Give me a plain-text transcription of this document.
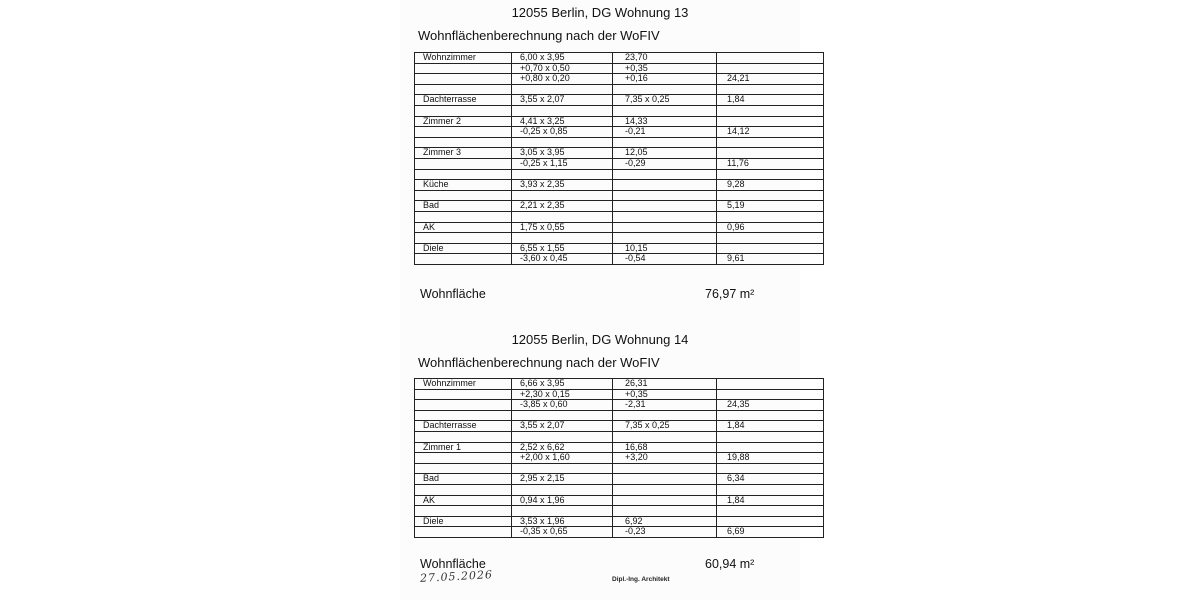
12055 Berlin, DG Wohnung 13
Wohnflächenberechnung nach der WoFIV
Wohnzimmer	6,00 x 3,95	23,70	
	+0,70 x 0,50	+0,35	
	+0,80 x 0,20	+0,16	24,21

Dachterrasse	3,55 x 2,07	7,35 x 0,25	1,84

Zimmer 2	4,41 x 3,25	14,33	
	-0,25 x 0,85	-0,21	14,12

Zimmer 3	3,05 x 3,95	12,05	
	-0,25 x 1,15	-0,29	11,76

Küche	3,93 x 2,35		9,28

Bad	2,21 x 2,35		5,19

AK	1,75 x 0,55		0,96

Diele	6,55 x 1,55	10,15	
	-3,60 x 0,45	-0,54	9,61
Wohnfläche	76,97 m²
12055 Berlin, DG Wohnung 14
Wohnflächenberechnung nach der WoFIV
Wohnzimmer	6,66 x 3,95	26,31	
	+2,30 x 0,15	+0,35	
	-3,85 x 0,60	-2,31	24,35

Dachterrasse	3,55 x 2,07	7,35 x 0,25	1,84

Zimmer 1	2,52 x 6,62	16,68	
	+2,00 x 1,60	+3,20	19,88

Bad	2,95 x 2,15		6,34

AK	0,94 x 1,96		1,84

Diele	3,53 x 1,96	6,92	
	-0,35 x 0,65	-0,23	6,69
Wohnfläche	60,94 m²
27.05.2026	Dipl.-Ing. Architekt
